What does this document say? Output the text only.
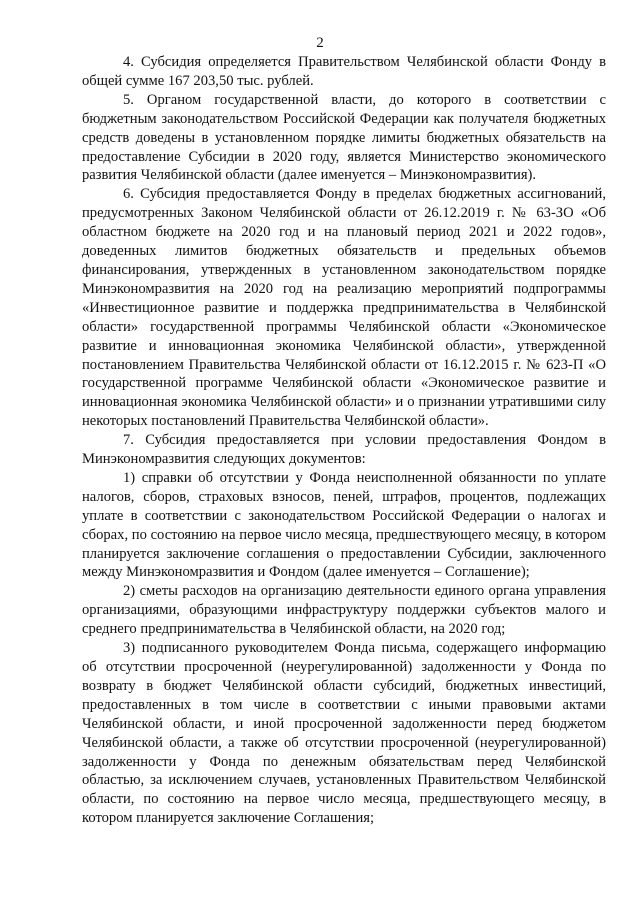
2

4. Субсидия определяется Правительством Челябинской области Фонду в общей сумме 167 203,50 тыс. рублей.

5. Органом государственной власти, до которого в соответствии с бюджетным законодательством Российской Федерации как получателя бюджетных средств доведены в установленном порядке лимиты бюджетных обязательств на предоставление Субсидии в 2020 году, является Министерство экономического развития Челябинской области (далее именуется – Минэкономразвития).

6. Субсидия предоставляется Фонду в пределах бюджетных ассигнований, предусмотренных Законом Челябинской области от 26.12.2019 г. № 63-ЗО «Об областном бюджете на 2020 год и на плановый период 2021 и 2022 годов», доведенных лимитов бюджетных обязательств и предельных объемов финансирования, утвержденных в установленном законодательством порядке Минэкономразвития на 2020 год на реализацию мероприятий подпрограммы «Инвестиционное развитие и поддержка предпринимательства в Челябинской области» государственной программы Челябинской области «Экономическое развитие и инновационная экономика Челябинской области», утвержденной постановлением Правительства Челябинской области от 16.12.2015 г. № 623-П «О государственной программе Челябинской области «Экономическое развитие и инновационная экономика Челябинской области» и о признании утратившими силу некоторых постановлений Правительства Челябинской области».

7. Субсидия предоставляется при условии предоставления Фондом в Минэкономразвития следующих документов:

1) справки об отсутствии у Фонда неисполненной обязанности по уплате налогов, сборов, страховых взносов, пеней, штрафов, процентов, подлежащих уплате в соответствии с законодательством Российской Федерации о налогах и сборах, по состоянию на первое число месяца, предшествующего месяцу, в котором планируется заключение соглашения о предоставлении Субсидии, заключенного между Минэкономразвития и Фондом (далее именуется – Соглашение);

2) сметы расходов на организацию деятельности единого органа управления организациями, образующими инфраструктуру поддержки субъектов малого и среднего предпринимательства в Челябинской области, на 2020 год;

3) подписанного руководителем Фонда письма, содержащего информацию об отсутствии просроченной (неурегулированной) задолженности у Фонда по возврату в бюджет Челябинской области субсидий, бюджетных инвестиций, предоставленных в том числе в соответствии с иными правовыми актами Челябинской области, и иной просроченной задолженности перед бюджетом Челябинской области, а также об отсутствии просроченной (неурегулированной) задолженности у Фонда по денежным обязательствам перед Челябинской областью, за исключением случаев, установленных Правительством Челябинской области, по состоянию на первое число месяца, предшествующего месяцу, в котором планируется заключение Соглашения;
